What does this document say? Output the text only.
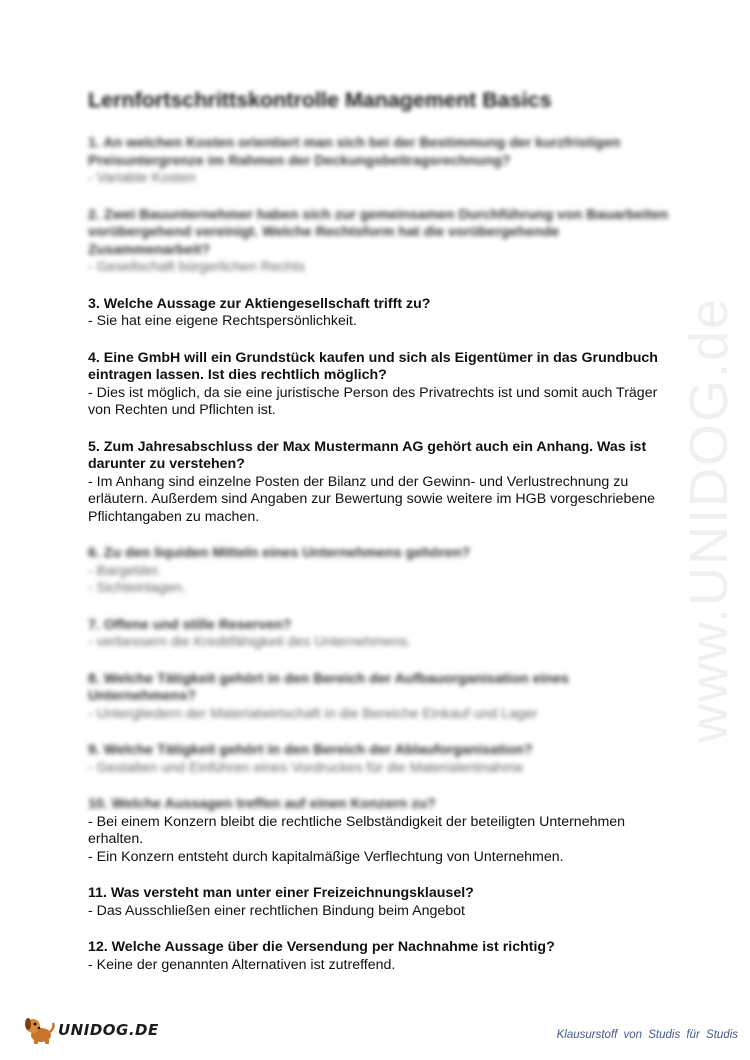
www.UNIDOG.de
Lernfortschrittskontrolle Management Basics
1. An welchen Kosten orientiert man sich bei der Bestimmung der kurzfristigen Preisuntergrenze im Rahmen der Deckungsbeitragsrechnung?
- Variable Kosten
2. Zwei Bauunternehmer haben sich zur gemeinsamen Durchführung von Bauarbeiten vorübergehend vereinigt. Welche Rechtsform hat die vorübergehende Zusammenarbeit?
- Gesellschaft bürgerlichen Rechts
3. Welche Aussage zur Aktiengesellschaft trifft zu?
- Sie hat eine eigene Rechtspersönlichkeit.
4. Eine GmbH will ein Grundstück kaufen und sich als Eigentümer in das Grundbuch eintragen lassen. Ist dies rechtlich möglich?
- Dies ist möglich, da sie eine juristische Person des Privatrechts ist und somit auch Träger von Rechten und Pflichten ist.
5. Zum Jahresabschluss der Max Mustermann AG gehört auch ein Anhang. Was ist darunter zu verstehen?
- Im Anhang sind einzelne Posten der Bilanz und der Gewinn- und Verlustrechnung zu erläutern. Außerdem sind Angaben zur Bewertung sowie weitere im HGB vorgeschriebene Pflichtangaben zu machen.
6. Zu den liquiden Mitteln eines Unternehmens gehören?
- Bargelder.
- Sichteinlagen.
7. Offene und stille Reserven?
- verbessern die Kreditfähigkeit des Unternehmens.
8. Welche Tätigkeit gehört in den Bereich der Aufbauorganisation eines Unternehmens?
- Untergliedern der Materialwirtschaft in die Bereiche Einkauf und Lager
9. Welche Tätigkeit gehört in den Bereich der Ablauforganisation?
- Gestalten und Einführen eines Vordruckes für die Materialentnahme
10. Welche Aussagen treffen auf einen Konzern zu?
- Bei einem Konzern bleibt die rechtliche Selbständigkeit der beteiligten Unternehmen erhalten.
- Ein Konzern entsteht durch kapitalmäßige Verflechtung von Unternehmen.
11. Was versteht man unter einer Freizeichnungsklausel?
- Das Ausschließen einer rechtlichen Bindung beim Angebot
12. Welche Aussage über die Versendung per Nachnahme ist richtig?
- Keine der genannten Alternativen ist zutreffend.
UNIDOG.DE	Klausurstoff von Studis für Studis
